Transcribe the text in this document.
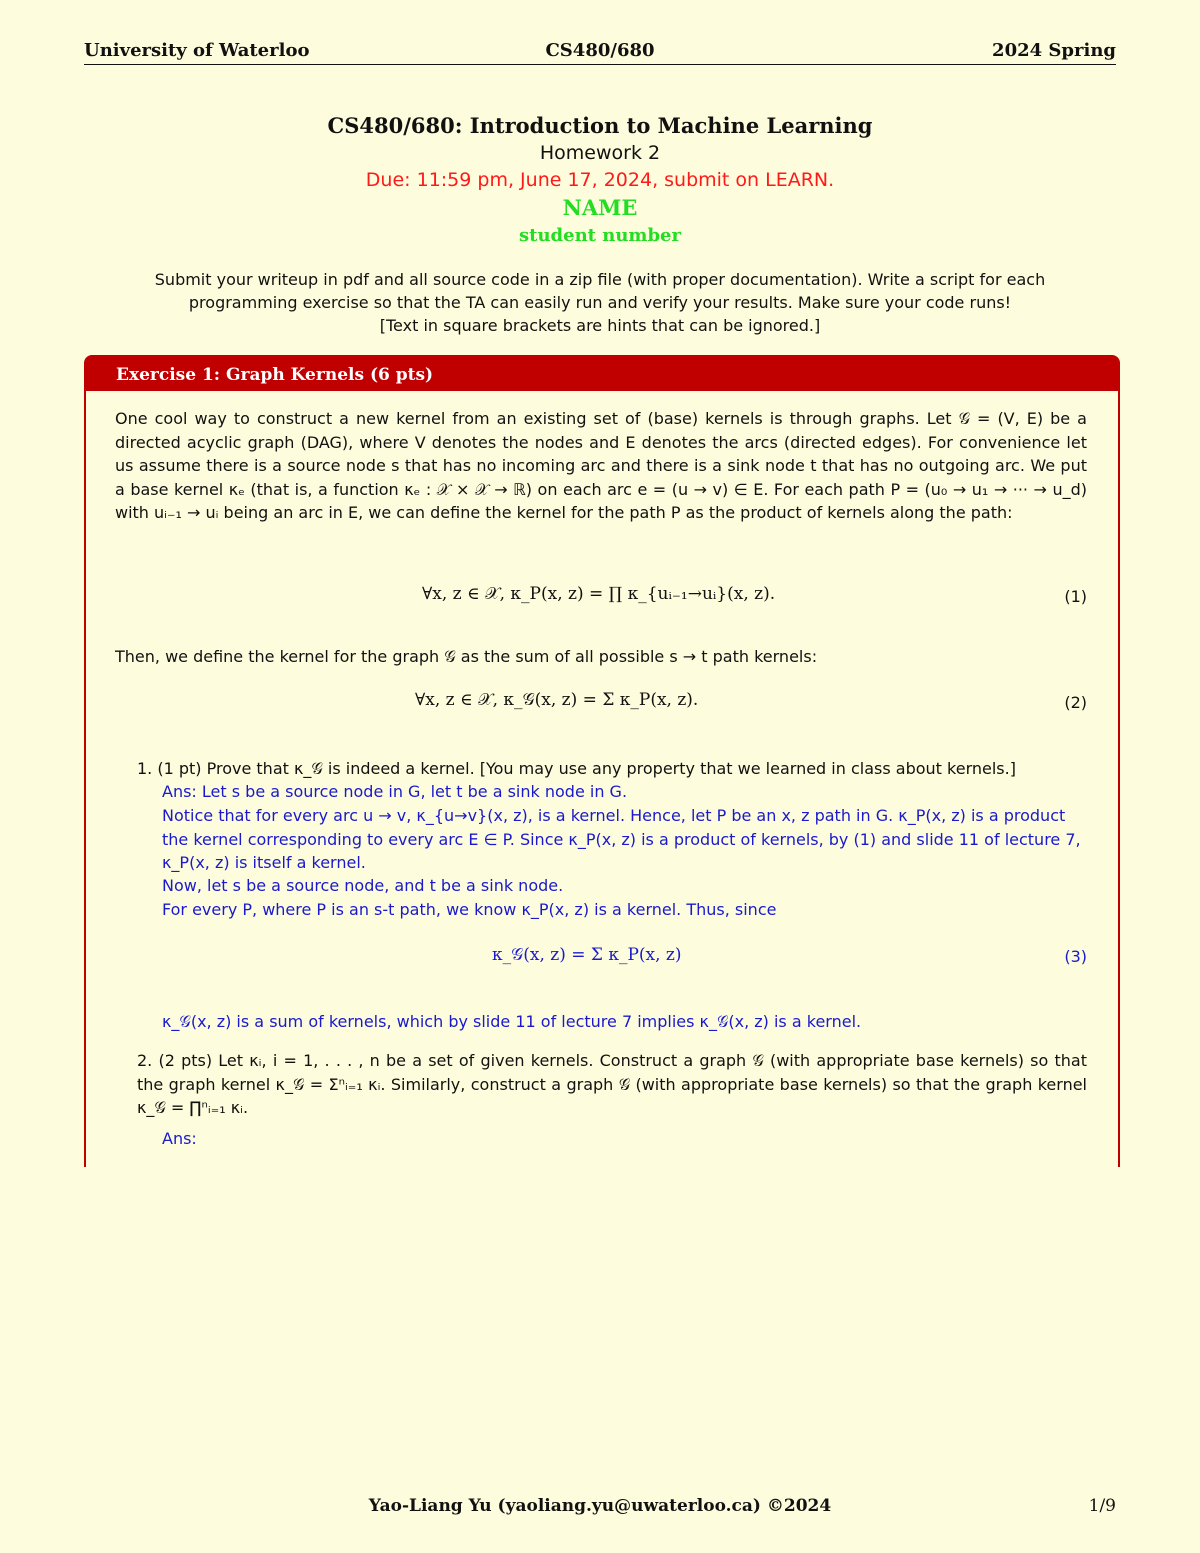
University of Waterloo	CS480/680	2024 Spring
CS480/680: Introduction to Machine Learning
Homework 2
Due: 11:59 pm, June 17, 2024, submit on LEARN.
NAME
student number
Submit your writeup in pdf and all source code in a zip file (with proper documentation). Write a script for each
programming exercise so that the TA can easily run and verify your results. Make sure your code runs!
[Text in square brackets are hints that can be ignored.]
Exercise 1: Graph Kernels (6 pts)
One cool way to construct a new kernel from an existing set of (base) kernels is through graphs. Let 𝒢 = (V, E) be a directed acyclic graph (DAG), where V denotes the nodes and E denotes the arcs (directed edges). For convenience let us assume there is a source node s that has no incoming arc and there is a sink node t that has no outgoing arc. We put a base kernel κₑ (that is, a function κₑ : 𝒳 × 𝒳 → ℝ) on each arc e = (u → v) ∈ E. For each path P = (u₀ → u₁ → ··· → u_d) with uᵢ₋₁ → uᵢ being an arc in E, we can define the kernel for the path P as the product of kernels along the path:
∀x, z ∈ 𝒳, κ_P(x, z) = ∏ κ_{uᵢ₋₁→uᵢ}(x, z).	(1)
Then, we define the kernel for the graph 𝒢 as the sum of all possible s → t path kernels:
∀x, z ∈ 𝒳, κ_𝒢(x, z) = Σ κ_P(x, z).	(2)
1. (1 pt) Prove that κ_𝒢 is indeed a kernel. [You may use any property that we learned in class about kernels.]
Ans: Let s be a source node in G, let t be a sink node in G.
Notice that for every arc u → v, κ_{u→v}(x, z), is a kernel. Hence, let P be an x, z path in G. κ_P(x, z) is a product the kernel corresponding to every arc E ∈ P. Since κ_P(x, z) is a product of kernels, by (1) and slide 11 of lecture 7, κ_P(x, z) is itself a kernel.
Now, let s be a source node, and t be a sink node.
For every P, where P is an s-t path, we know κ_P(x, z) is a kernel. Thus, since
κ_𝒢(x, z) = Σ κ_P(x, z)	(3)
κ_𝒢(x, z) is a sum of kernels, which by slide 11 of lecture 7 implies κ_𝒢(x, z) is a kernel.
2. (2 pts) Let κᵢ, i = 1, . . . , n be a set of given kernels. Construct a graph 𝒢 (with appropriate base kernels) so that the graph kernel κ_𝒢 = Σⁿᵢ₌₁ κᵢ. Similarly, construct a graph 𝒢 (with appropriate base kernels) so that the graph kernel κ_𝒢 = ∏ⁿᵢ₌₁ κᵢ.
Ans:
Yao-Liang Yu (yaoliang.yu@uwaterloo.ca) ©2024	1/9
